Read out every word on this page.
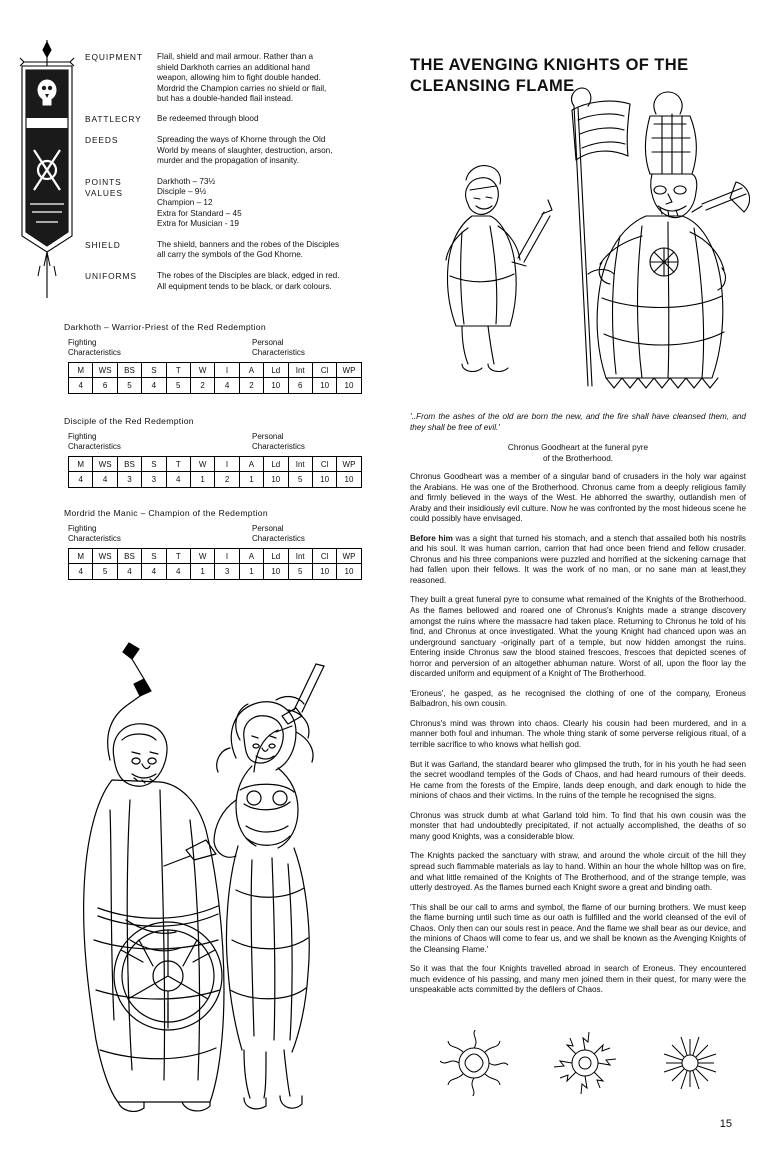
EQUIPMENT	Flail, shield and mail armour. Rather than a
shield Darkhoth carries an additional hand
weapon, allowing him to fight double handed.
Mordrid the Champion carries no shield or flail,
but has a double-handed flail instead.
BATTLECRY	Be redeemed through blood
DEEDS	Spreading the ways of Khorne through the Old
World by means of slaughter, destruction, arson,
murder and the propagation of insanity.
POINTS
VALUES
Darkhoth – 73½
Disciple – 9½
Champion – 12
Extra for Standard – 45
Extra for Musician - 19
SHIELD	The shield, banners and the robes of the Disciples
all carry the symbols of the God Khorne.
UNIFORMS	The robes of the Disciples are black, edged in red.
All equipment tends to be black, or dark colours.
Darkhoth – Warrior-Priest of the Red Redemption
Fighting
Characteristics
Personal
Characteristics
M	WS	BS	S	T	W	I	A	Ld	Int	Cl	WP
4	6	5	4	5	2	4	2	10	6	10	10
Disciple of the Red Redemption
Fighting
Characteristics
Personal
Characteristics
M	WS	BS	S	T	W	I	A	Ld	Int	Cl	WP
4	4	3	3	4	1	2	1	10	5	10	10
Mordrid the Manic – Champion of the Redemption
Fighting
Characteristics
Personal
Characteristics
M	WS	BS	S	T	W	I	A	Ld	Int	Cl	WP
4	5	4	4	4	1	3	1	10	5	10	10
THE AVENGING KNIGHTS OF THE CLEANSING FLAME
'..From the ashes of the old are born the new, and the fire shall have cleansed them, and they shall be free of evil.'
Chronus Goodheart at the funeral pyre
of the Brotherhood.

Chronus Goodheart was a member of a singular band of crusaders in the holy war against the Arabians. He was one of the Brotherhood. Chronus came from a deeply religious family and firmly believed in the ways of the West. He abhorred the swarthy, outlandish men of Araby and their insidiously evil culture. Now he was confronted by the most hideous scene he could possibly have envisaged.

Before him was a sight that turned his stomach, and a stench that assailed both his nostrils and his soul. It was human carrion, carrion that had once been friend and fellow crusader. Chronus and his three companions were puzzled and horrified at the sickening carnage that had fallen upon their fellows. It was the work of no man, or no sane man at least,they reasoned.

They built a great funeral pyre to consume what remained of the Knights of the Brotherhood. As the flames bellowed and roared one of Chronus's Knights made a strange discovery amongst the ruins where the massacre had taken place. Returning to Chronus he told of his find, and Chronus at once investigated. What the young Knight had chanced upon was an underground sanctuary -originally part of a temple, but now hidden amongst the ruins. Entering inside Chronus saw the blood stained frescoes, frescoes that depicted scenes of horror and perversion of an altogether abhuman nature. Worst of all, upon the floor lay the discarded uniform and equipment of a Knight of The Brotherhood.

'Eroneus', he gasped, as he recognised the clothing of one of the company, Eroneus Balbadron, his own cousin.

Chronus's mind was thrown into chaos. Clearly his cousin had been murdered, and in a manner both foul and inhuman. The whole thing stank of some perverse religious ritual, of a terrible sacrifice to who knows what hellish god.

But it was Garland, the standard bearer who glimpsed the truth, for in his youth he had seen the secret woodland temples of the Gods of Chaos, and had heard rumours of their deeds. He came from the forests of the Empire, lands deep enough, and dark enough to hide the minions of chaos and their victims. In the ruins of the temple he recognised the signs.

Chronus was struck dumb at what Garland told him. To find that his own cousin was the monster that had undoubtedly precipitated, if not actually accomplished, the deaths of so many good Knights, was a considerable blow.

The Knights packed the sanctuary with straw, and around the whole circuit of the hill they spread such flammable materials as lay to hand. Within an hour the whole hilltop was on fire, and what little remained of the Knights of The Brotherhood, and of the strange temple, was utterly destroyed. As the flames burned each Knight swore a great and binding oath.

'This shall be our call to arms and symbol, the flame of our burning brothers. We must keep the flame burning until such time as our oath is fulfilled and the world cleansed of the evil of Chaos. Only then can our souls rest in peace. And the flame we shall bear as our device, and the minions of Chaos will come to fear us, and we shall be known as the Avenging Knights of the Cleansing Flame.'

So it was that the four Knights travelled abroad in search of Eroneus. They encountered much evidence of his passing, and many men joined them in their quest, for many were the unspeakable acts committed by the defilers of Chaos.

15
